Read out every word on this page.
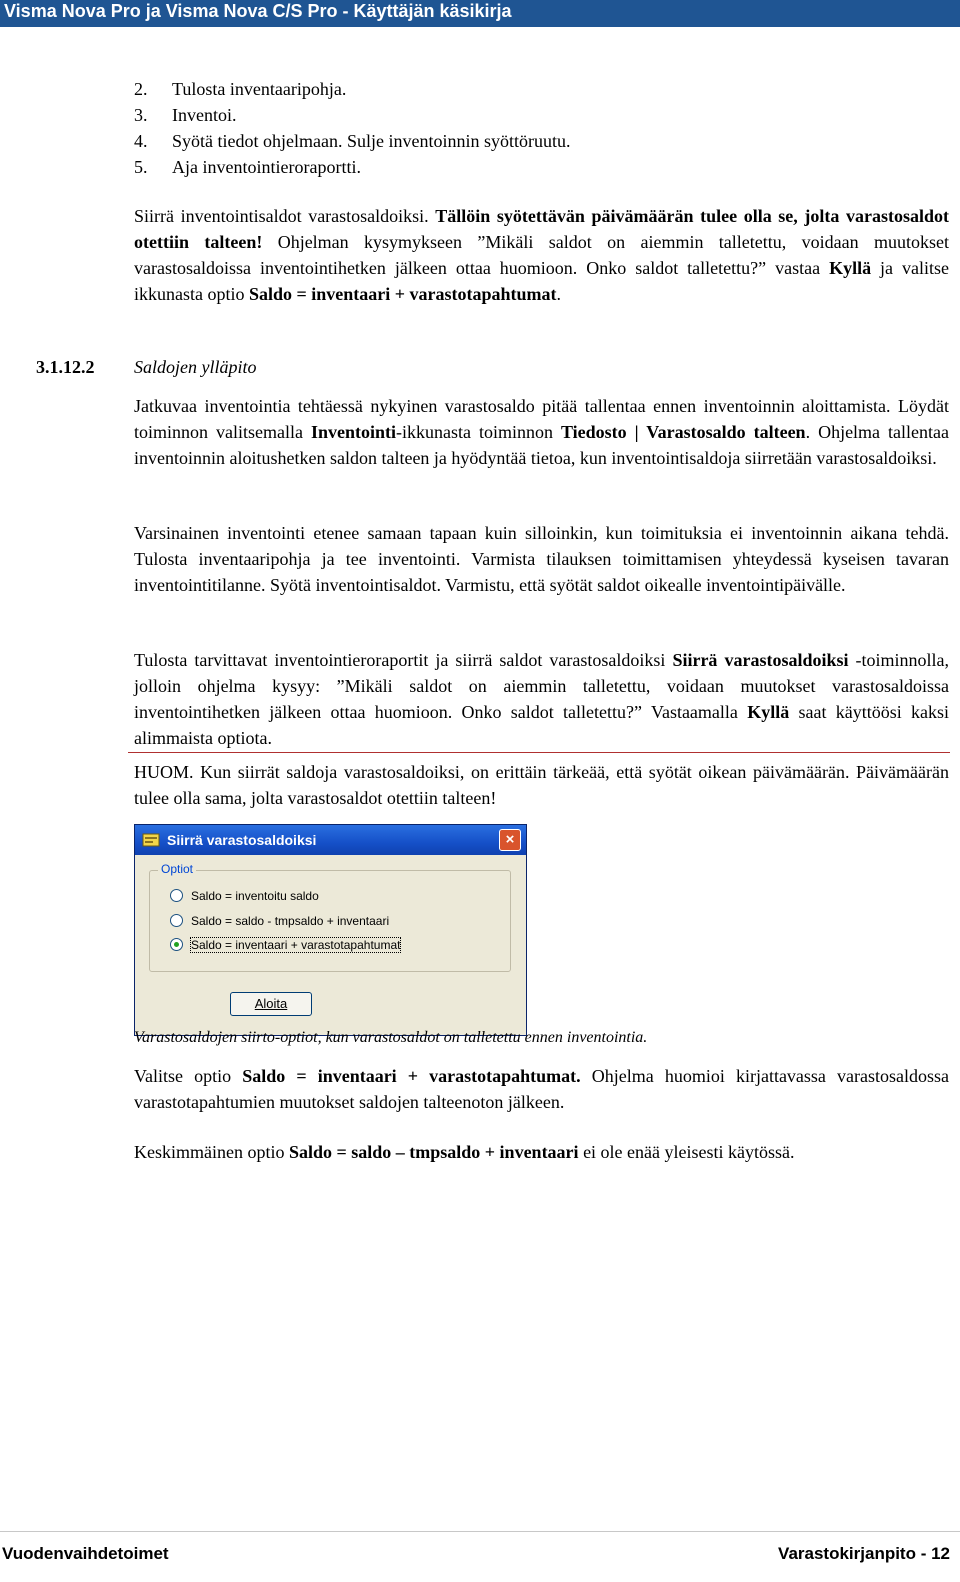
Visma Nova Pro ja Visma Nova C/S Pro - Käyttäjän käsikirja
2. Tulosta inventaaripohja.
3. Inventoi.
4. Syötä tiedot ohjelmaan. Sulje inventoinnin syöttöruutu.
5. Aja inventointieroraportti.

Siirrä inventointisaldot varastosaldoiksi. Tällöin syötettävän päivämäärän tulee olla se, jolta varastosaldot otettiin talteen! Ohjelman kysymykseen ”Mikäli saldot on aiemmin talletettu, voidaan muutokset varastosaldoissa inventointihetken jälkeen ottaa huomioon. Onko saldot talletettu?” vastaa Kyllä ja valitse ikkunasta optio Saldo = inventaari + varastotapahtumat.

3.1.12.2 Saldojen ylläpito

Jatkuvaa inventointia tehtäessä nykyinen varastosaldo pitää tallentaa ennen inventoinnin aloittamista. Löydät toiminnon valitsemalla Inventointi-ikkunasta toiminnon Tiedosto | Varastosaldo talteen. Ohjelma tallentaa inventoinnin aloitushetken saldon talteen ja hyödyntää tietoa, kun inventointisaldoja siirretään varastosaldoiksi.

Varsinainen inventointi etenee samaan tapaan kuin silloinkin, kun toimituksia ei inventoinnin aikana tehdä. Tulosta inventaaripohja ja tee inventointi. Varmista tilauksen toimittamisen yhteydessä kyseisen tavaran inventointitilanne. Syötä inventointisaldot. Varmistu, että syötät saldot oikealle inventointipäivälle.

Tulosta tarvittavat inventointieroraportit ja siirrä saldot varastosaldoiksi Siirrä varastosaldoiksi -toiminnolla, jolloin ohjelma kysyy: ”Mikäli saldot on aiemmin talletettu, voidaan muutokset varastosaldoissa inventointihetken jälkeen ottaa huomioon. Onko saldot talletettu?” Vastaamalla Kyllä saat käyttöösi kaksi alimmaista optiota.

HUOM. Kun siirrät saldoja varastosaldoiksi, on erittäin tärkeää, että syötät oikean päivämäärän. Päivämäärän tulee olla sama, jolta varastosaldot otettiin talteen!

Siirrä varastosaldoiksi	×
Optiot
Saldo = inventoitu saldo
Saldo = saldo - tmpsaldo + inventaari
Saldo = inventaari + varastotapahtumat
Aloita
Varastosaldojen siirto-optiot, kun varastosaldot on talletettu ennen inventointia.

Valitse optio Saldo = inventaari + varastotapahtumat. Ohjelma huomioi kirjattavassa varastosaldossa varastotapahtumien muutokset saldojen talteenoton jälkeen.

Keskimmäinen optio Saldo = saldo – tmpsaldo + inventaari ei ole enää yleisesti käytössä.

Vuodenvaihdetoimet	Varastokirjanpito - 12
